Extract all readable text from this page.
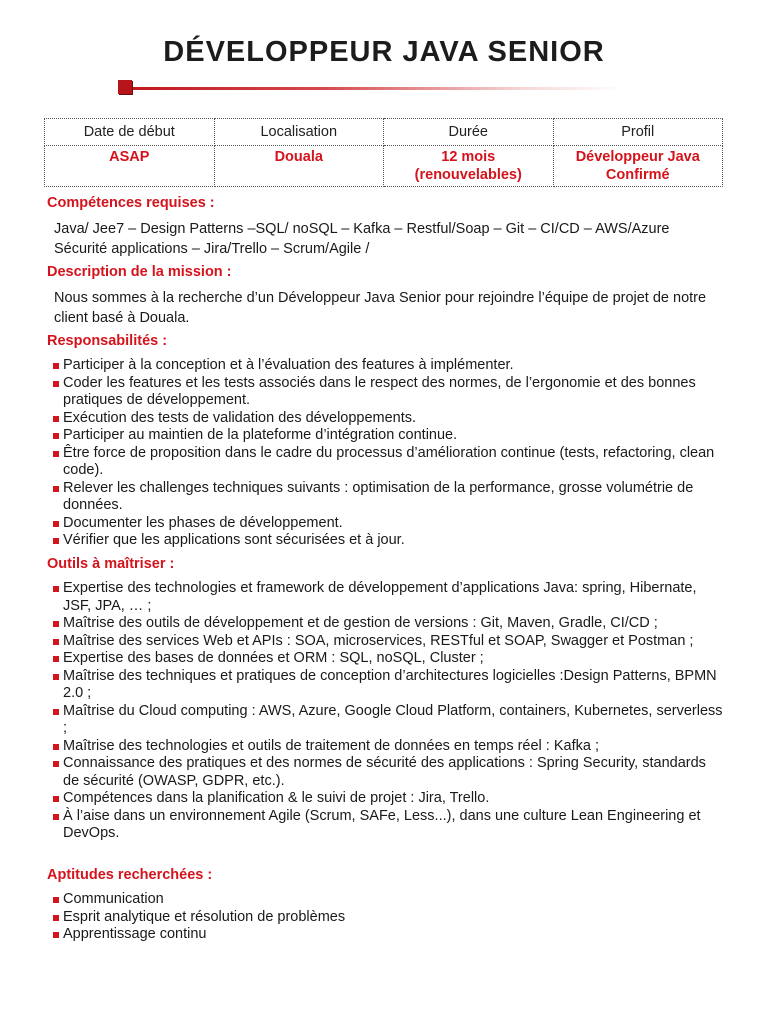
DÉVELOPPEUR JAVA SENIOR
Date de début	Localisation	Durée	Profil
ASAP	Douala	12 mois (renouvelables)	Développeur Java Confirmé
Compétences requises :
Java/ Jee7 – Design Patterns –SQL/ noSQL – Kafka – Restful/Soap – Git – CI/CD – AWS/Azure Sécurité applications – Jira/Trello – Scrum/Agile /
Description de la mission :
Nous sommes à la recherche d’un Développeur Java Senior pour rejoindre l’équipe de projet de notre client basé à Douala.
Responsabilités :
Participer à la conception et à l’évaluation des features à implémenter.
Coder les features et les tests associés dans le respect des normes, de l’ergonomie et des bonnes pratiques de développement.
Exécution des tests de validation des développements.
Participer au maintien de la plateforme d’intégration continue.
Être force de proposition dans le cadre du processus d’amélioration continue (tests, refactoring, clean code).
Relever les challenges techniques suivants : optimisation de la performance, grosse volumétrie de données.
Documenter les phases de développement.
Vérifier que les applications sont sécurisées et à jour.
Outils à maîtriser :
Expertise des technologies et framework de développement d’applications Java: spring, Hibernate, JSF, JPA, … ;
Maîtrise des outils de développement et de gestion de versions : Git, Maven, Gradle, CI/CD ;
Maîtrise des services Web et APIs : SOA, microservices, RESTful et SOAP, Swagger et Postman ;
Expertise des bases de données et ORM : SQL, noSQL, Cluster ;
Maîtrise des techniques et pratiques de conception d’architectures logicielles :Design Patterns, BPMN 2.0 ;
Maîtrise du Cloud computing : AWS, Azure, Google Cloud Platform, containers, Kubernetes, serverless ;
Maîtrise des technologies et outils de traitement de données en temps réel : Kafka ;
Connaissance des pratiques et des normes de sécurité des applications : Spring Security, standards de sécurité (OWASP, GDPR, etc.).
Compétences dans la planification & le suivi de projet : Jira, Trello.
À l’aise dans un environnement Agile (Scrum, SAFe, Less...), dans une culture Lean Engineering et DevOps.
Aptitudes recherchées :
Communication
Esprit analytique et résolution de problèmes
Apprentissage continu
